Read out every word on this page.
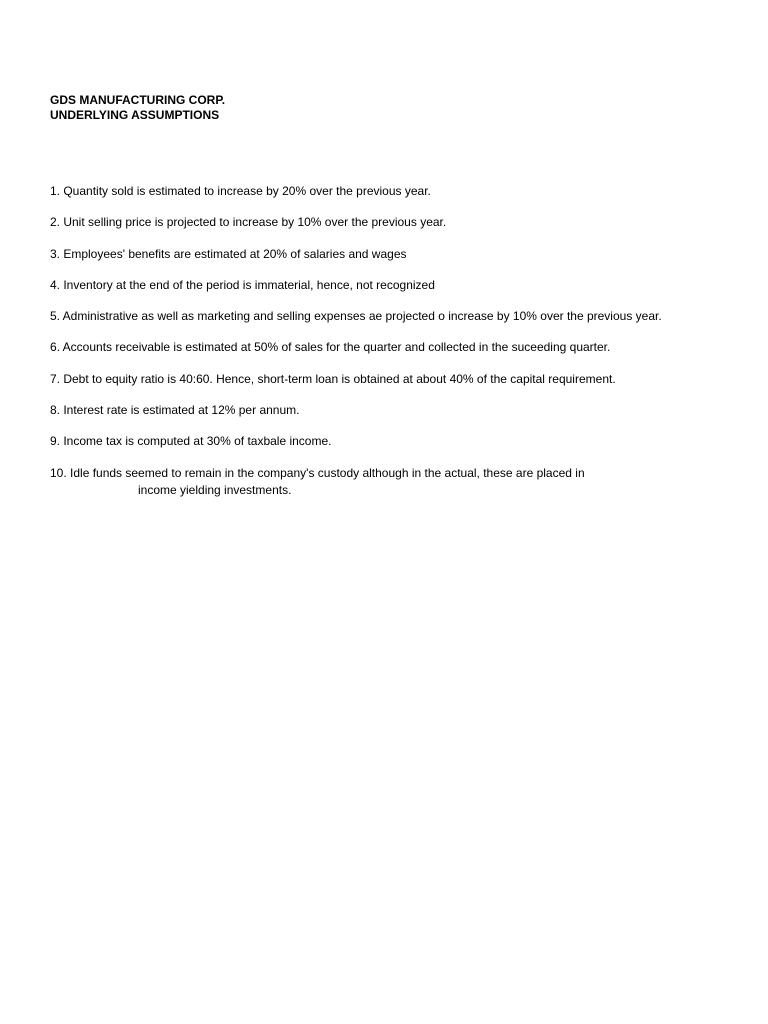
GDS MANUFACTURING CORP.
UNDERLYING ASSUMPTIONS
1. Quantity sold is estimated to increase by 20% over the previous year.
2. Unit selling price is projected to increase by 10% over the previous year.
3. Employees' benefits are estimated at 20% of salaries and wages
4. Inventory at the end of the period is immaterial, hence, not recognized
5. Administrative as well as marketing and selling expenses ae projected o increase by 10% over the previous year.
6. Accounts receivable is estimated at 50% of sales for the quarter and collected in the suceeding quarter.
7. Debt to equity ratio is 40:60. Hence, short-term loan is obtained at about 40% of the capital requirement.
8. Interest rate is estimated at 12% per annum.
9. Income tax is computed at 30% of taxbale income.
10. Idle funds seemed to remain in the company's custody although in the actual, these are placed in
income yielding investments.
